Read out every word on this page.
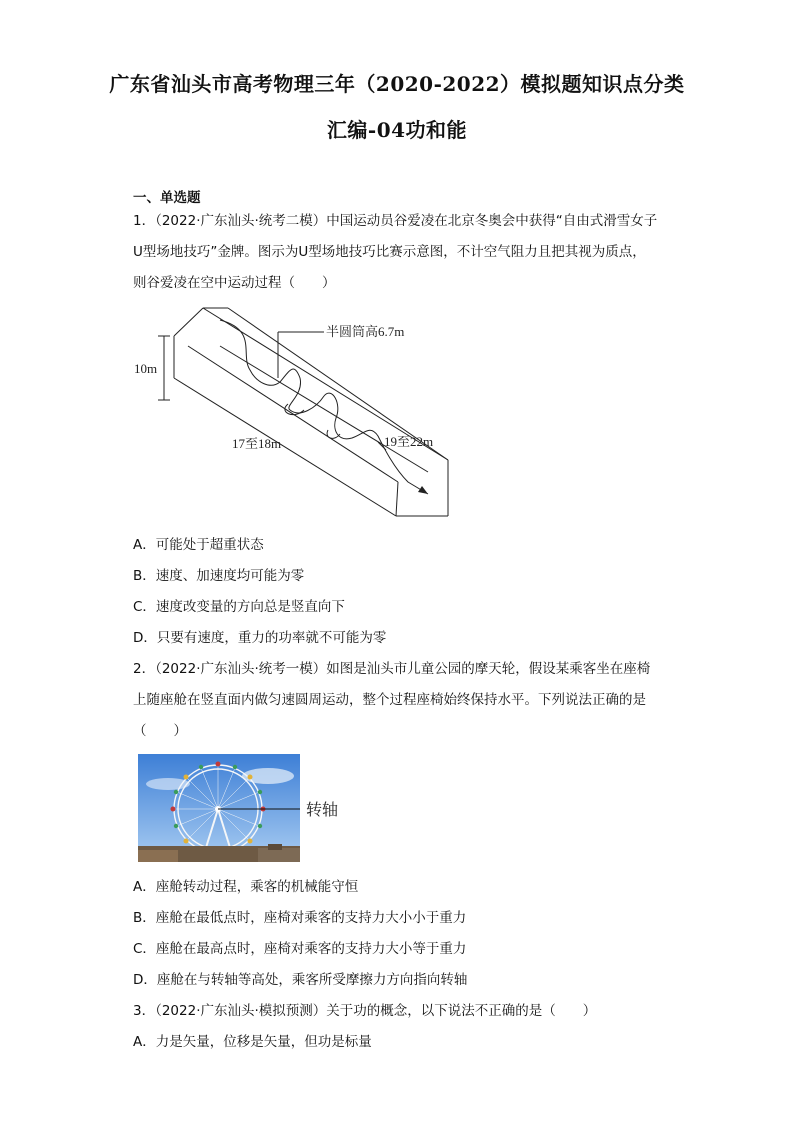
广东省汕头市高考物理三年（2020-2022）模拟题知识点分类
汇编-04功和能
一、单选题
1．（2022·广东汕头·统考二模）中国运动员谷爱凌在北京冬奥会中获得“自由式滑雪女子
U型场地技巧”金牌。图示为U型场地技巧比赛示意图，不计空气阻力且把其视为质点，
则谷爱凌在空中运动过程（　　）
半圆筒高6.7m
10m
17至18m	19至22m
A．可能处于超重状态
B．速度、加速度均可能为零
C．速度改变量的方向总是竖直向下
D．只要有速度，重力的功率就不可能为零
2．（2022·广东汕头·统考一模）如图是汕头市儿童公园的摩天轮，假设某乘客坐在座椅
上随座舱在竖直面内做匀速圆周运动，整个过程座椅始终保持水平。下列说法正确的是
（　　）
转轴
A．座舱转动过程，乘客的机械能守恒
B．座舱在最低点时，座椅对乘客的支持力大小小于重力
C．座舱在最高点时，座椅对乘客的支持力大小等于重力
D．座舱在与转轴等高处，乘客所受摩擦力方向指向转轴
3．（2022·广东汕头·模拟预测）关于功的概念，以下说法不正确的是（　　）
A．力是矢量，位移是矢量，但功是标量
